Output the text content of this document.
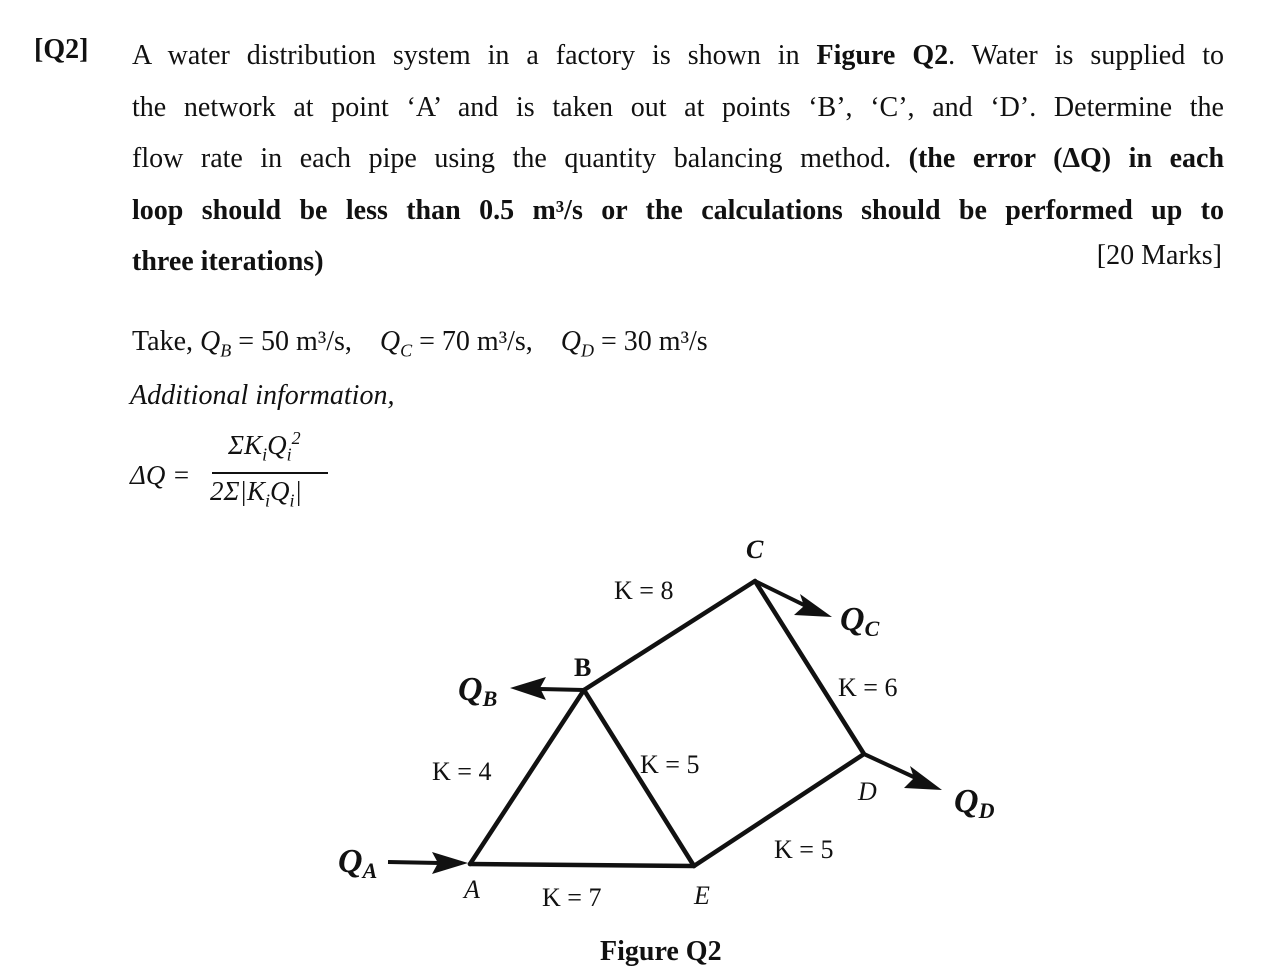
[Q2] A water distribution system in a factory is shown in Figure Q2. Water is supplied to
the network at point ‘A’ and is taken out at points ‘B’, ‘C’, and ‘D’. Determine the
flow rate in each pipe using the quantity balancing method. (the error (ΔQ) in each
loop should be less than 0.5 m³/s or the calculations should be performed up to
three iterations)	[20 Marks]
Take, $Q_B = 50$ m³/s, $Q_C = 70$ m³/s, $Q_D = 30$ m³/s
Additional information,
ΔQ =
$\Sigma K_iQ_i^2$
$2\Sigma|K_iQ_i|$
C
B
D
A	E
K = 8
K = 6
K = 4	K = 5
K = 5
K = 7
QA
QB
QC
QD
Figure Q2
